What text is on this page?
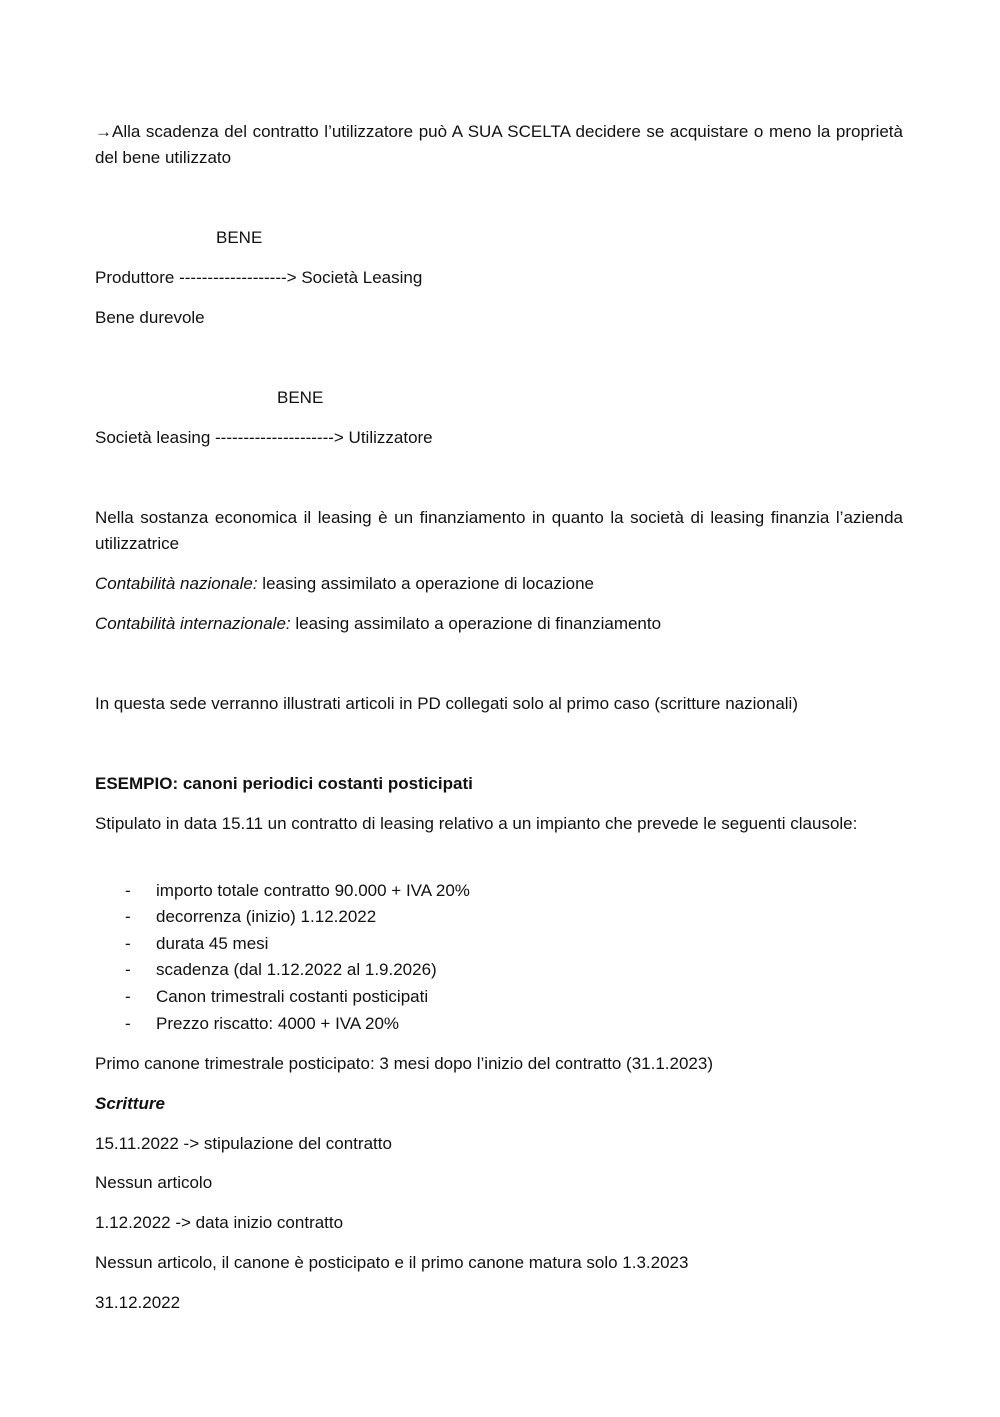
→Alla scadenza del contratto l’utilizzatore può A SUA SCELTA decidere se acquistare o meno la proprietà del bene utilizzato
BENE
Produttore -------------------> Società Leasing
Bene durevole
BENE
Società leasing ---------------------> Utilizzatore
Nella sostanza economica il leasing è un finanziamento in quanto la società di leasing finanzia l’azienda utilizzatrice
Contabilità nazionale: leasing assimilato a operazione di locazione
Contabilità internazionale: leasing assimilato a operazione di finanziamento
In questa sede verranno illustrati articoli in PD collegati solo al primo caso (scritture nazionali)
ESEMPIO: canoni periodici costanti posticipati
Stipulato in data 15.11 un contratto di leasing relativo a un impianto che prevede le seguenti clausole:
- importo totale contratto 90.000 + IVA 20%
- decorrenza (inizio) 1.12.2022
- durata 45 mesi
- scadenza (dal 1.12.2022 al 1.9.2026)
- Canon trimestrali costanti posticipati
- Prezzo riscatto: 4000 + IVA 20%
Primo canone trimestrale posticipato: 3 mesi dopo l’inizio del contratto (31.1.2023)
Scritture
15.11.2022 -> stipulazione del contratto
Nessun articolo
1.12.2022 -> data inizio contratto
Nessun articolo, il canone è posticipato e il primo canone matura solo 1.3.2023
31.12.2022
